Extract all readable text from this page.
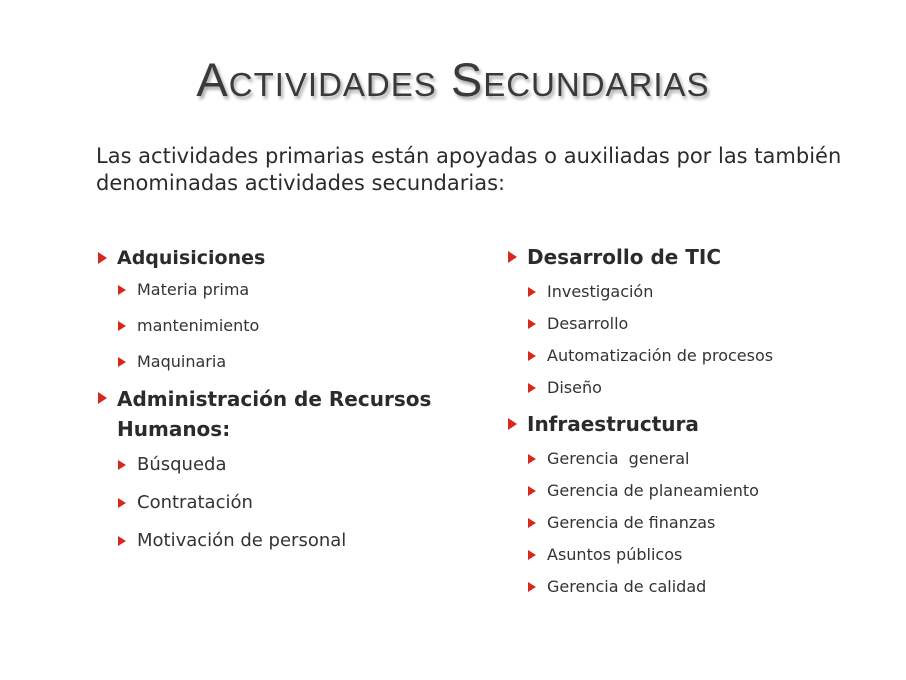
Actividades Secundarias

Las actividades primarias están apoyadas o auxiliadas por las también denominadas actividades secundarias:

Adquisiciones
Materia prima
mantenimiento
Maquinaria
Administración de Recursos Humanos:
Búsqueda
Contratación
Motivación de personal
Desarrollo de TIC
Investigación
Desarrollo
Automatización de procesos
Diseño
Infraestructura
Gerencia  general
Gerencia de planeamiento
Gerencia de finanzas
Asuntos públicos
Gerencia de calidad
